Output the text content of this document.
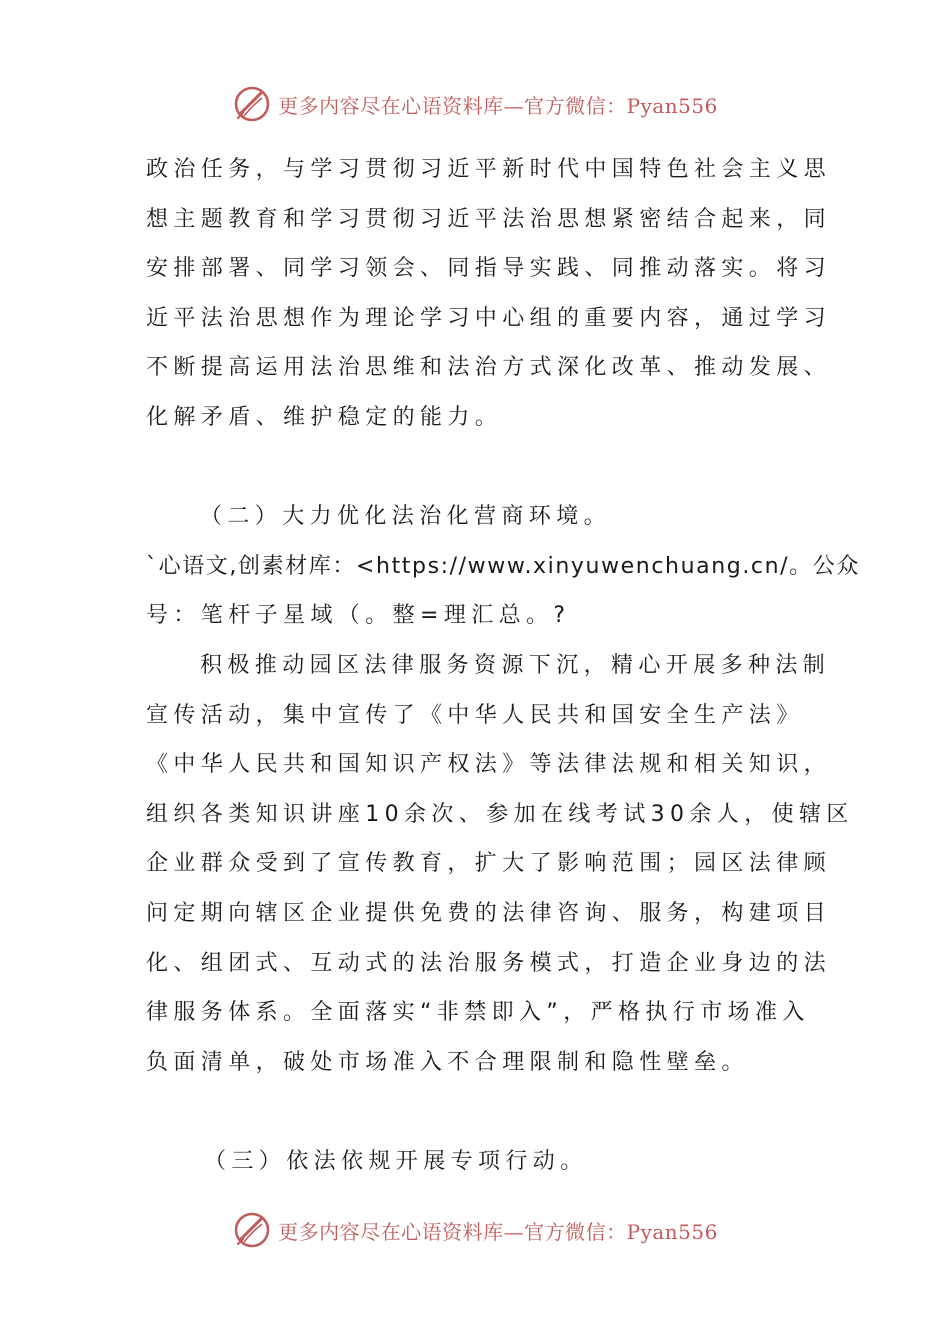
更多内容尽在心语资料库—官方微信：Pyan556
政治任务，与学习贯彻习近平新时代中国特色社会主义思
想主题教育和学习贯彻习近平法治思想紧密结合起来，同
安排部署、同学习领会、同指导实践、同推动落实。将习
近平法治思想作为理论学习中心组的重要内容，通过学习
不断提高运用法治思维和法治方式深化改革、推动发展、
化解矛盾、维护稳定的能力。
（二）大力优化法治化营商环境。
`心语文,创素材库：<https://www.xinyuwenchuang.cn/。公众
号：笔杆子星域（。整=理汇总。?
积极推动园区法律服务资源下沉，精心开展多种法制
宣传活动，集中宣传了《中华人民共和国安全生产法》
《中华人民共和国知识产权法》等法律法规和相关知识，
组织各类知识讲座10余次、参加在线考试30余人，使辖区
企业群众受到了宣传教育，扩大了影响范围；园区法律顾
问定期向辖区企业提供免费的法律咨询、服务，构建项目
化、组团式、互动式的法治服务模式，打造企业身边的法
律服务体系。全面落实“非禁即入”，严格执行市场准入
负面清单，破处市场准入不合理限制和隐性壁垒。
（三）依法依规开展专项行动。
更多内容尽在心语资料库—官方微信：Pyan556
